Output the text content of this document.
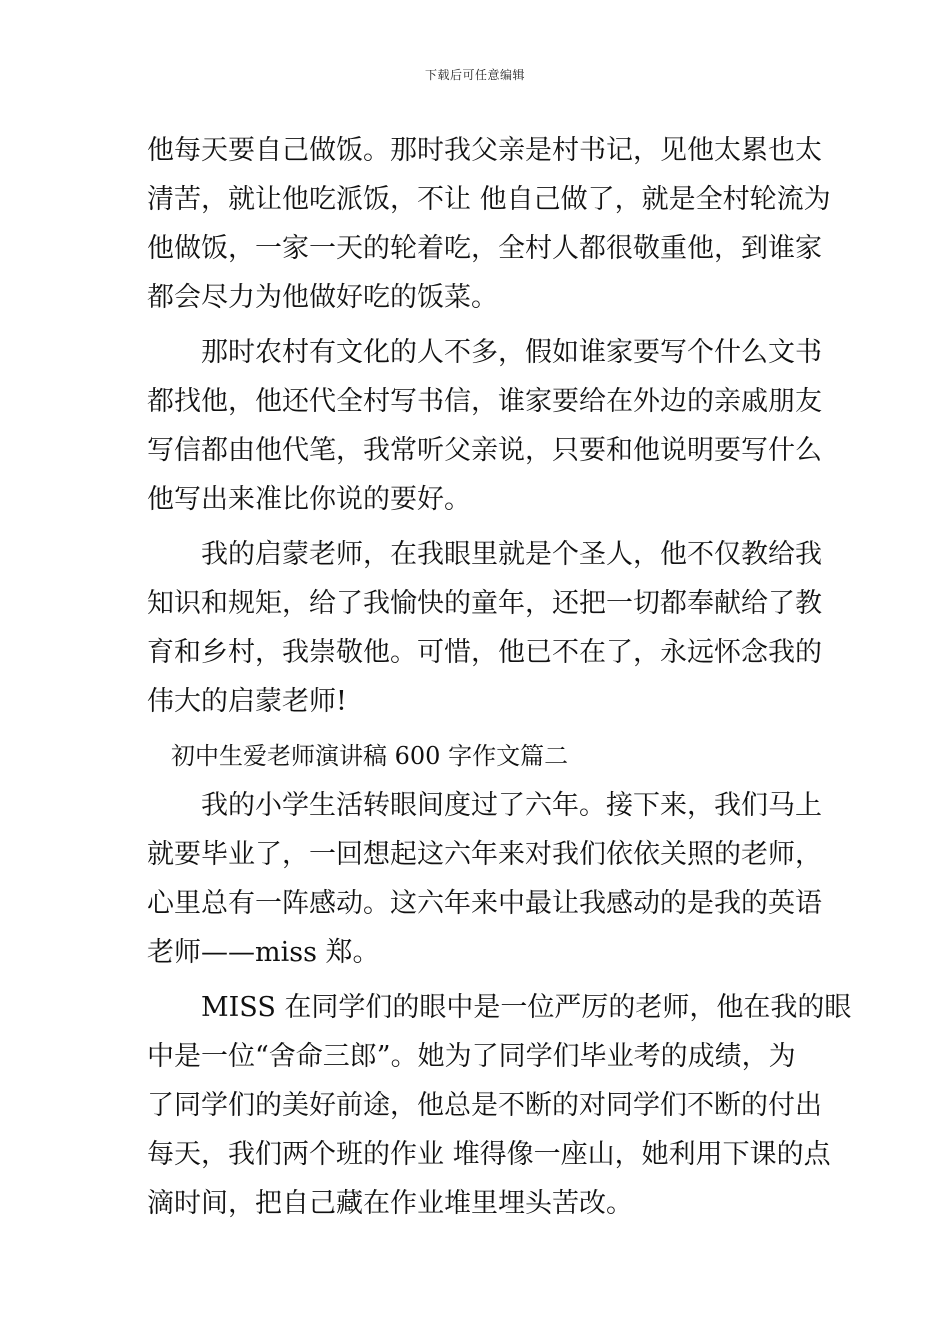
下载后可任意编辑

他每天要自己做饭。那时我父亲是村书记，见他太累也太
清苦，就让他吃派饭，不让 他自己做了，就是全村轮流为
他做饭，一家一天的轮着吃，全村人都很敬重他，到谁家
都会尽力为他做好吃的饭菜。

那时农村有文化的人不多，假如谁家要写个什么文书
都找他，他还代全村写书信，谁家要给在外边的亲戚朋友
写信都由他代笔，我常听父亲说，只要和他说明要写什么
他写出来准比你说的要好。

我的启蒙老师，在我眼里就是个圣人，他不仅教给我
知识和规矩，给了我愉快的童年，还把一切都奉献给了教
育和乡村，我崇敬他。可惜，他已不在了，永远怀念我的
伟大的启蒙老师!

初中生爱老师演讲稿 600 字作文篇二

我的小学生活转眼间度过了六年。接下来，我们马上
就要毕业了，一回想起这六年来对我们依依关照的老师，
心里总有一阵感动。这六年来中最让我感动的是我的英语
老师——miss 郑。

MISS 在同学们的眼中是一位严厉的老师，他在我的眼
中是一位“舍命三郎”。她为了同学们毕业考的成绩，为
了同学们的美好前途，他总是不断的对同学们不断的付出
每天，我们两个班的作业 堆得像一座山，她利用下课的点
滴时间，把自己藏在作业堆里埋头苦改。
